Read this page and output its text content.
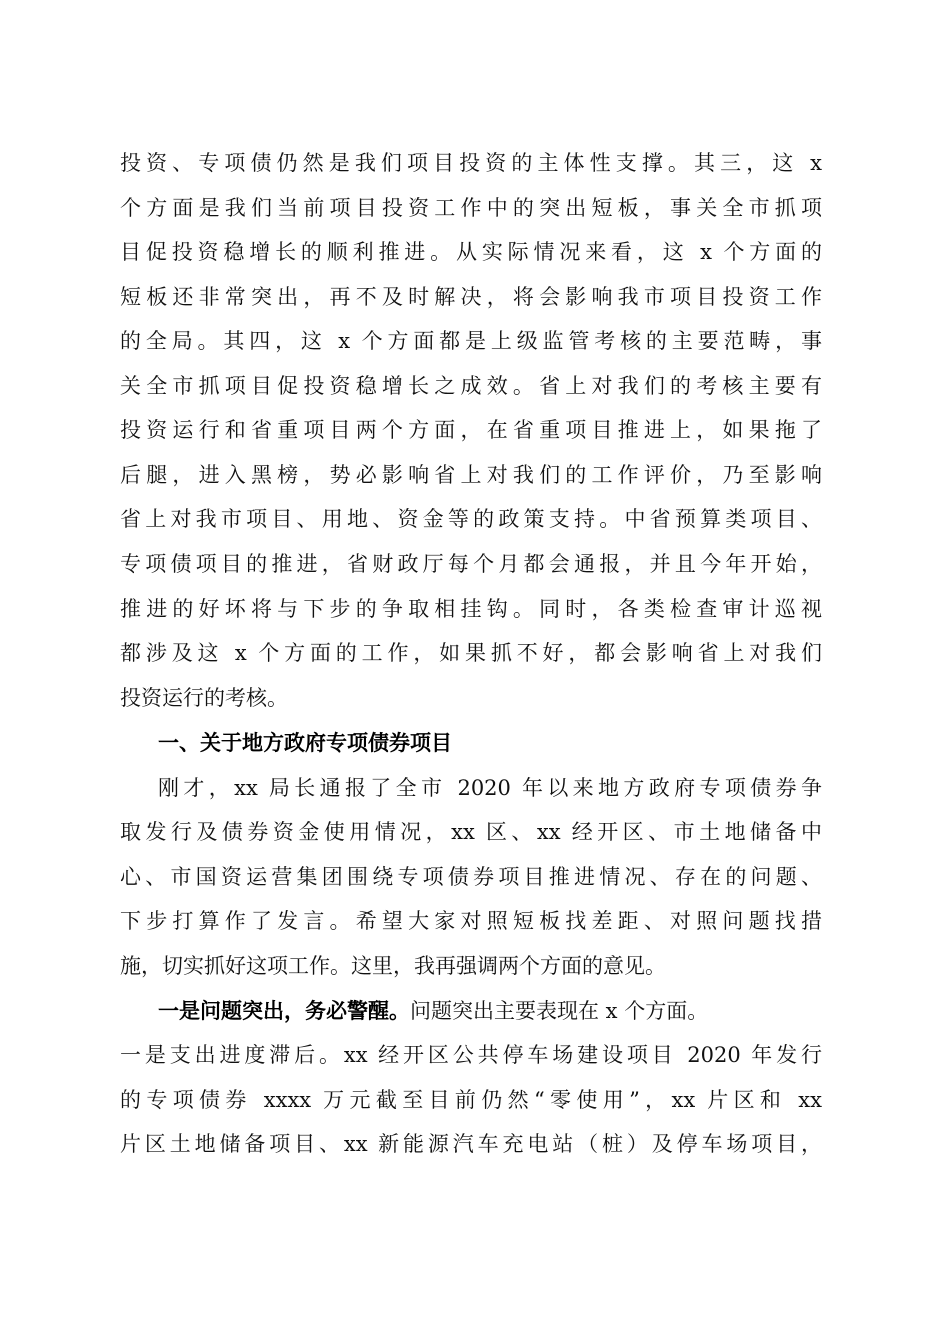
投资、专项债仍然是我们项目投资的主体性支撑。其三，这 x
个方面是我们当前项目投资工作中的突出短板，事关全市抓项
目促投资稳增长的顺利推进。从实际情况来看，这 x 个方面的
短板还非常突出，再不及时解决，将会影响我市项目投资工作
的全局。其四，这 x 个方面都是上级监管考核的主要范畴，事
关全市抓项目促投资稳增长之成效。省上对我们的考核主要有
投资运行和省重项目两个方面，在省重项目推进上，如果拖了
后腿，进入黑榜，势必影响省上对我们的工作评价，乃至影响
省上对我市项目、用地、资金等的政策支持。中省预算类项目、
专项债项目的推进，省财政厅每个月都会通报，并且今年开始，
推进的好坏将与下步的争取相挂钩。同时，各类检查审计巡视
都涉及这 x 个方面的工作，如果抓不好，都会影响省上对我们
投资运行的考核。
一、关于地方政府专项债券项目
刚才，xx 局长通报了全市 2020 年以来地方政府专项债券争
取发行及债券资金使用情况，xx 区、xx 经开区、市土地储备中
心、市国资运营集团围绕专项债券项目推进情况、存在的问题、
下步打算作了发言。希望大家对照短板找差距、对照问题找措
施，切实抓好这项工作。这里，我再强调两个方面的意见。
一是问题突出，务必警醒。问题突出主要表现在 x 个方面。
一是支出进度滞后。xx 经开区公共停车场建设项目 2020 年发行
的专项债券 xxxx 万元截至目前仍然“零使用”，xx 片区和 xx
片区土地储备项目、xx 新能源汽车充电站（桩）及停车场项目，
